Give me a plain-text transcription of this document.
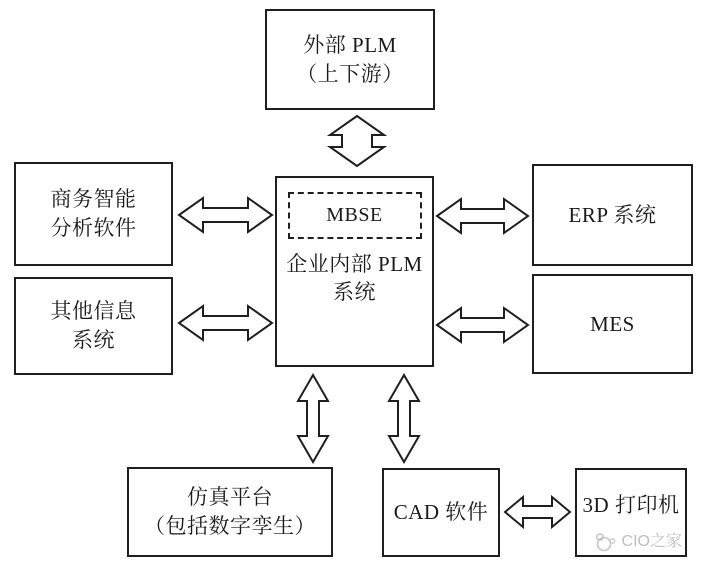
外部 PLM
（上下游）
商务智能
分析软件
其他信息
系统
MBSE
企业内部 PLM
系统
ERP 系统
MES
仿真平台
（包括数字孪生）
CAD 软件	3D 打印机
CIO之家
